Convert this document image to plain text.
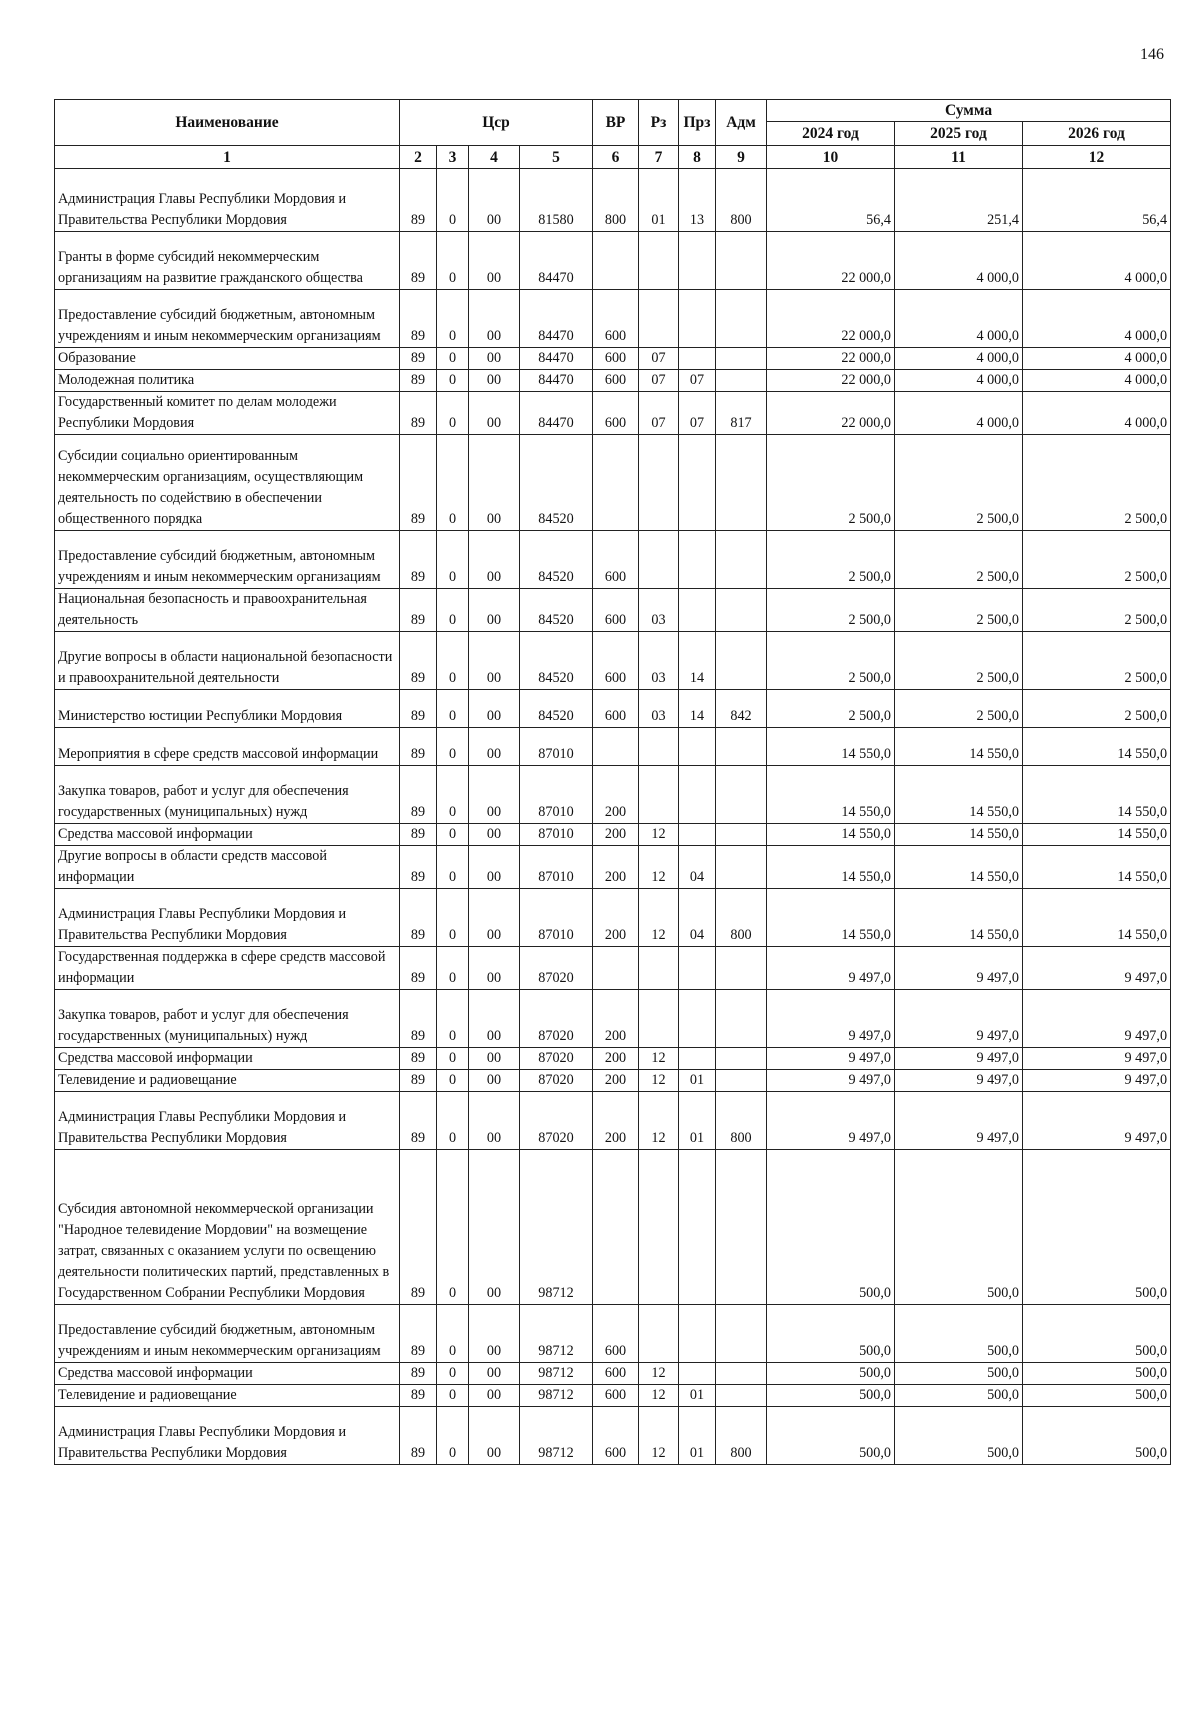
146
Наименование	Цср				ВР	Рз	Прз	Адм	Сумма		
									2024 год	2025 год	2026 год
1	2	3	4	5	6	7	8	9	10	11	12
Администрация Главы Республики Мордовия и Правительства Республики Мордовия	89	0	00	81580	800	01	13	800	56,4	251,4	56,4
Гранты в форме субсидий некоммерческим организациям на развитие гражданского общества	89	0	00	84470					22 000,0	4 000,0	4 000,0
Предоставление субсидий бюджетным, автономным учреждениям и иным некоммерческим организациям	89	0	00	84470	600				22 000,0	4 000,0	4 000,0
Образование	89	0	00	84470	600	07			22 000,0	4 000,0	4 000,0
Молодежная политика	89	0	00	84470	600	07	07		22 000,0	4 000,0	4 000,0
Государственный комитет по делам молодежи Республики Мордовия	89	0	00	84470	600	07	07	817	22 000,0	4 000,0	4 000,0
Субсидии социально ориентированным некоммерческим организациям, осуществляющим деятельность по содействию в обеспечении общественного порядка	89	0	00	84520					2 500,0	2 500,0	2 500,0
Предоставление субсидий бюджетным, автономным учреждениям и иным некоммерческим организациям	89	0	00	84520	600				2 500,0	2 500,0	2 500,0
Национальная безопасность и правоохранительная деятельность	89	0	00	84520	600	03			2 500,0	2 500,0	2 500,0
Другие вопросы в области национальной безопасности и правоохранительной деятельности	89	0	00	84520	600	03	14		2 500,0	2 500,0	2 500,0
Министерство юстиции Республики Мордовия	89	0	00	84520	600	03	14	842	2 500,0	2 500,0	2 500,0
Мероприятия в сфере средств массовой информации	89	0	00	87010					14 550,0	14 550,0	14 550,0
Закупка товаров, работ и услуг для обеспечения государственных (муниципальных) нужд	89	0	00	87010	200				14 550,0	14 550,0	14 550,0
Средства массовой информации	89	0	00	87010	200	12			14 550,0	14 550,0	14 550,0
Другие вопросы в области средств массовой информации	89	0	00	87010	200	12	04		14 550,0	14 550,0	14 550,0
Администрация Главы Республики Мордовия и Правительства Республики Мордовия	89	0	00	87010	200	12	04	800	14 550,0	14 550,0	14 550,0
Государственная поддержка в сфере средств массовой информации	89	0	00	87020					9 497,0	9 497,0	9 497,0
Закупка товаров, работ и услуг для обеспечения государственных (муниципальных) нужд	89	0	00	87020	200				9 497,0	9 497,0	9 497,0
Средства массовой информации	89	0	00	87020	200	12			9 497,0	9 497,0	9 497,0
Телевидение и радиовещание	89	0	00	87020	200	12	01		9 497,0	9 497,0	9 497,0
Администрация Главы Республики Мордовия и Правительства Республики Мордовия	89	0	00	87020	200	12	01	800	9 497,0	9 497,0	9 497,0
Субсидия автономной некоммерческой организации "Народное телевидение Мордовии" на возмещение затрат, связанных с оказанием услуги по освещению деятельности политических партий, представленных в Государственном Собрании Республики Мордовия	89	0	00	98712					500,0	500,0	500,0
Предоставление субсидий бюджетным, автономным учреждениям и иным некоммерческим организациям	89	0	00	98712	600				500,0	500,0	500,0
Средства массовой информации	89	0	00	98712	600	12			500,0	500,0	500,0
Телевидение и радиовещание	89	0	00	98712	600	12	01		500,0	500,0	500,0
Администрация Главы Республики Мордовия и Правительства Республики Мордовия	89	0	00	98712	600	12	01	800	500,0	500,0	500,0
